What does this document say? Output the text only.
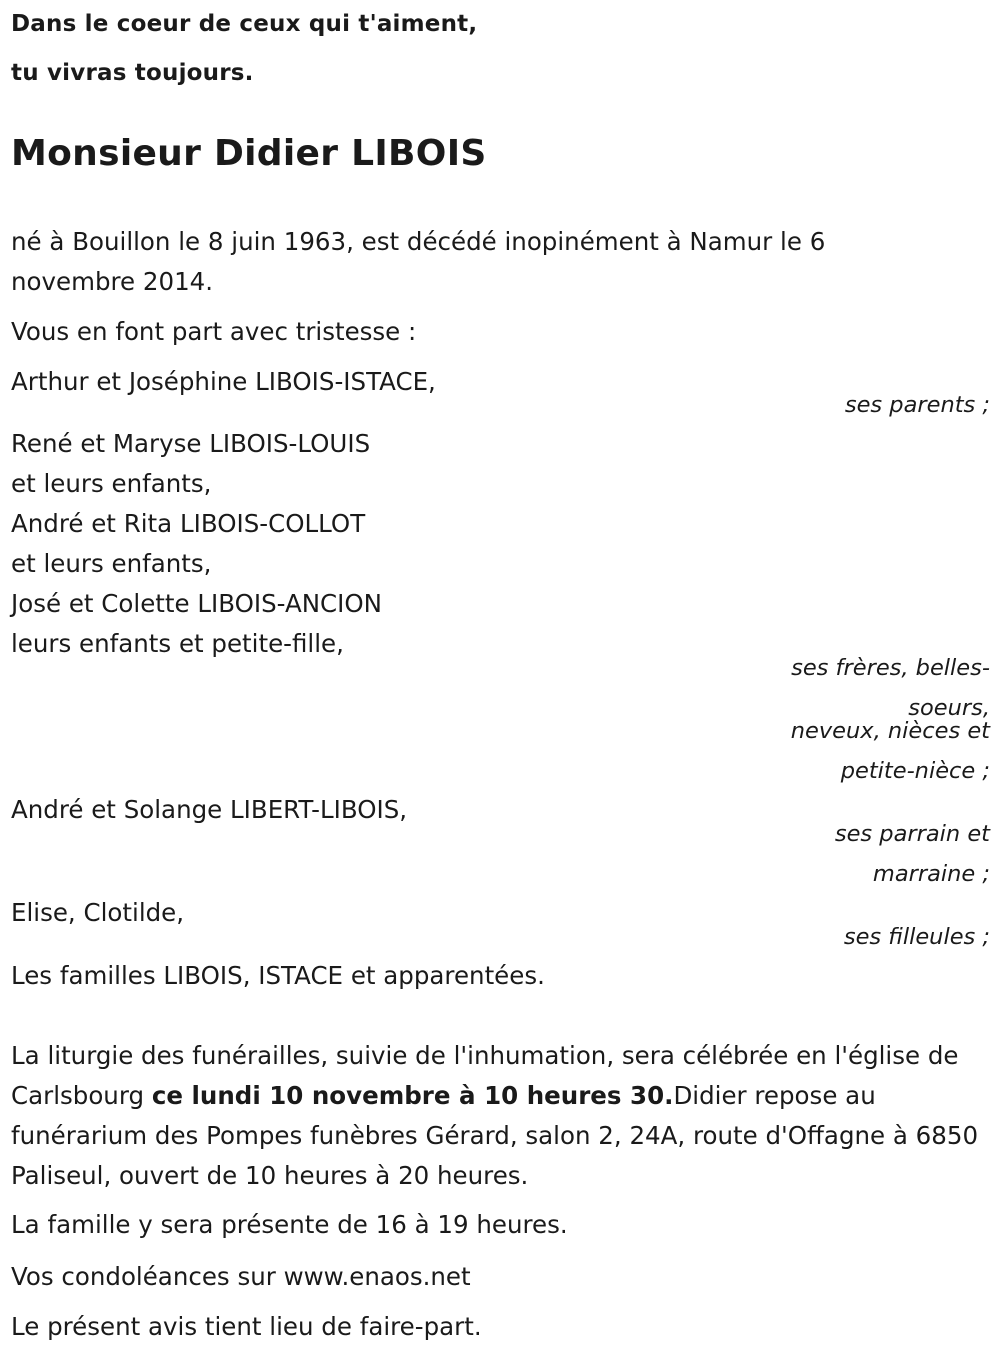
Dans le coeur de ceux qui t'aiment,
tu vivras toujours.
Monsieur Didier LIBOIS
né à Bouillon le 8 juin 1963, est décédé inopinément à Namur le 6
novembre 2014.
Vous en font part avec tristesse :
Arthur et Joséphine LIBOIS-ISTACE,
ses parents ;
René et Maryse LIBOIS-LOUIS
et leurs enfants,
André et Rita LIBOIS-COLLOT
et leurs enfants,
José et Colette LIBOIS-ANCION
leurs enfants et petite-fille,
ses frères, belles-
soeurs,
neveux, nièces et
petite-nièce ;
André et Solange LIBERT-LIBOIS,
ses parrain et
marraine ;
Elise, Clotilde,
ses filleules ;
Les familles LIBOIS, ISTACE et apparentées.
La liturgie des funérailles, suivie de l'inhumation, sera célébrée en l'église de Carlsbourg ce lundi 10 novembre à 10 heures 30.Didier repose au funérarium des Pompes funèbres Gérard, salon 2, 24A, route d'Offagne à 6850 Paliseul, ouvert de 10 heures à 20 heures.
La famille y sera présente de 16 à 19 heures.
Vos condoléances sur www.enaos.net
Le présent avis tient lieu de faire-part.
